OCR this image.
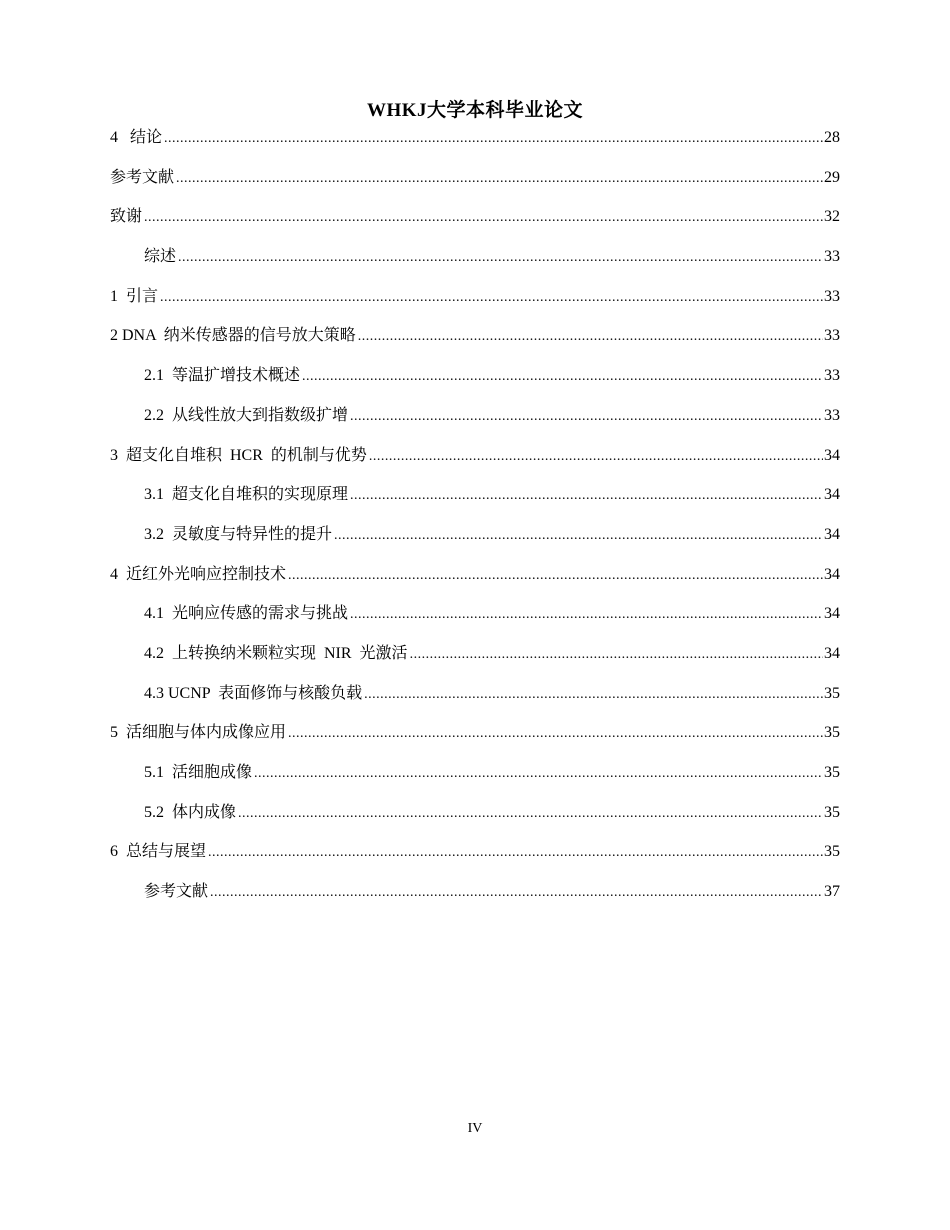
WHKJ大学本科毕业论文
4   结论 .....	28
参考文献 .....	29
致谢 .....	32
综述 .....	33
1  引言 .....	33
2 DNA  纳米传感器的信号放大策略 .....	33
2.1  等温扩增技术概述 .....	33
2.2  从线性放大到指数级扩增 .....	33
3  超支化自堆积  HCR  的机制与优势 .....	34
3.1  超支化自堆积的实现原理 .....	34
3.2  灵敏度与特异性的提升 .....	34
4  近红外光响应控制技术 .....	34
4.1  光响应传感的需求与挑战 .....	34
4.2  上转换纳米颗粒实现  NIR  光激活 .....	34
4.3 UCNP  表面修饰与核酸负载 .....	35
5  活细胞与体内成像应用 .....	35
5.1  活细胞成像 .....	35
5.2  体内成像 .....	35
6  总结与展望 .....	35
参考文献 .....	37
IV
